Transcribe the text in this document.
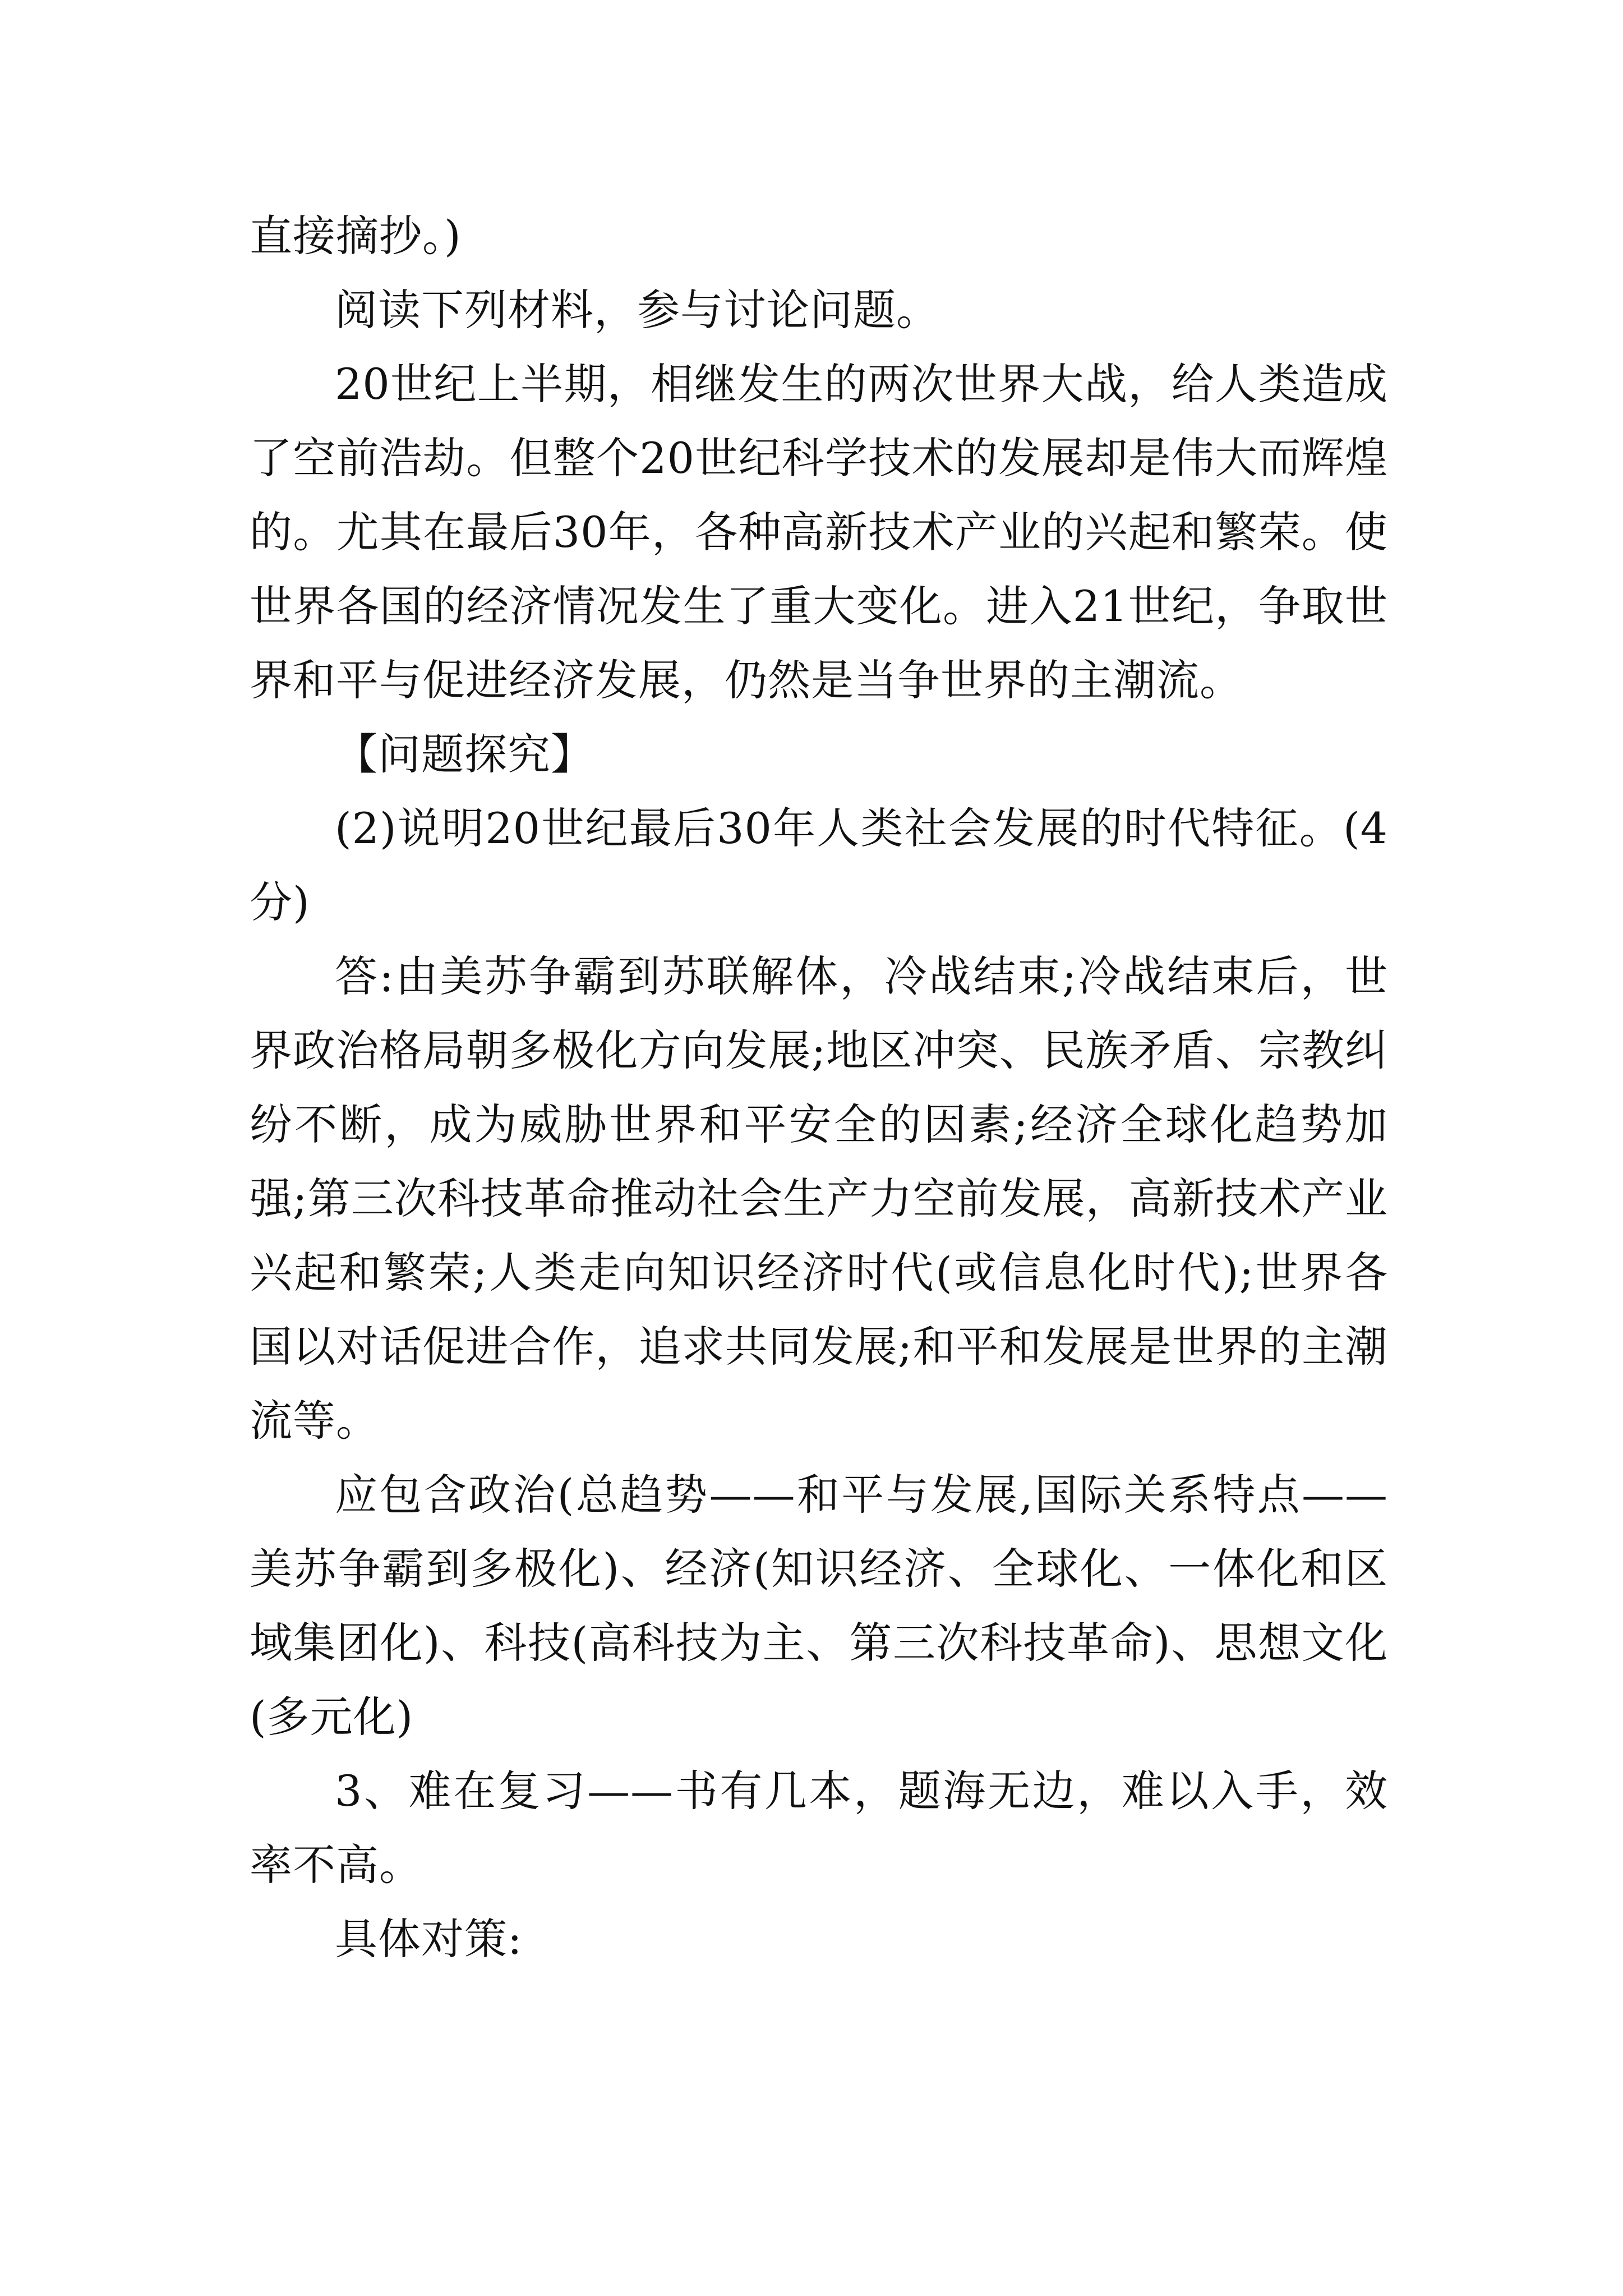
直接摘抄。)

阅读下列材料，参与讨论问题。

20世纪上半期，相继发生的两次世界大战，给人类造成了空前浩劫。但整个20世纪科学技术的发展却是伟大而辉煌的。尤其在最后30年，各种高新技术产业的兴起和繁荣。使世界各国的经济情况发生了重大变化。进入21世纪，争取世界和平与促进经济发展，仍然是当争世界的主潮流。

【问题探究】

(2)说明20世纪最后30年人类社会发展的时代特征。(4分)

答:由美苏争霸到苏联解体，冷战结束;冷战结束后，世界政治格局朝多极化方向发展;地区冲突、民族矛盾、宗教纠纷不断，成为威胁世界和平安全的因素;经济全球化趋势加强;第三次科技革命推动社会生产力空前发展，高新技术产业兴起和繁荣;人类走向知识经济时代(或信息化时代);世界各国以对话促进合作，追求共同发展;和平和发展是世界的主潮流等。

应包含政治(总趋势——和平与发展,国际关系特点——美苏争霸到多极化)、经济(知识经济、全球化、一体化和区域集团化)、科技(高科技为主、第三次科技革命)、思想文化(多元化)

3、难在复习——书有几本，题海无边，难以入手，效率不高。

具体对策:
